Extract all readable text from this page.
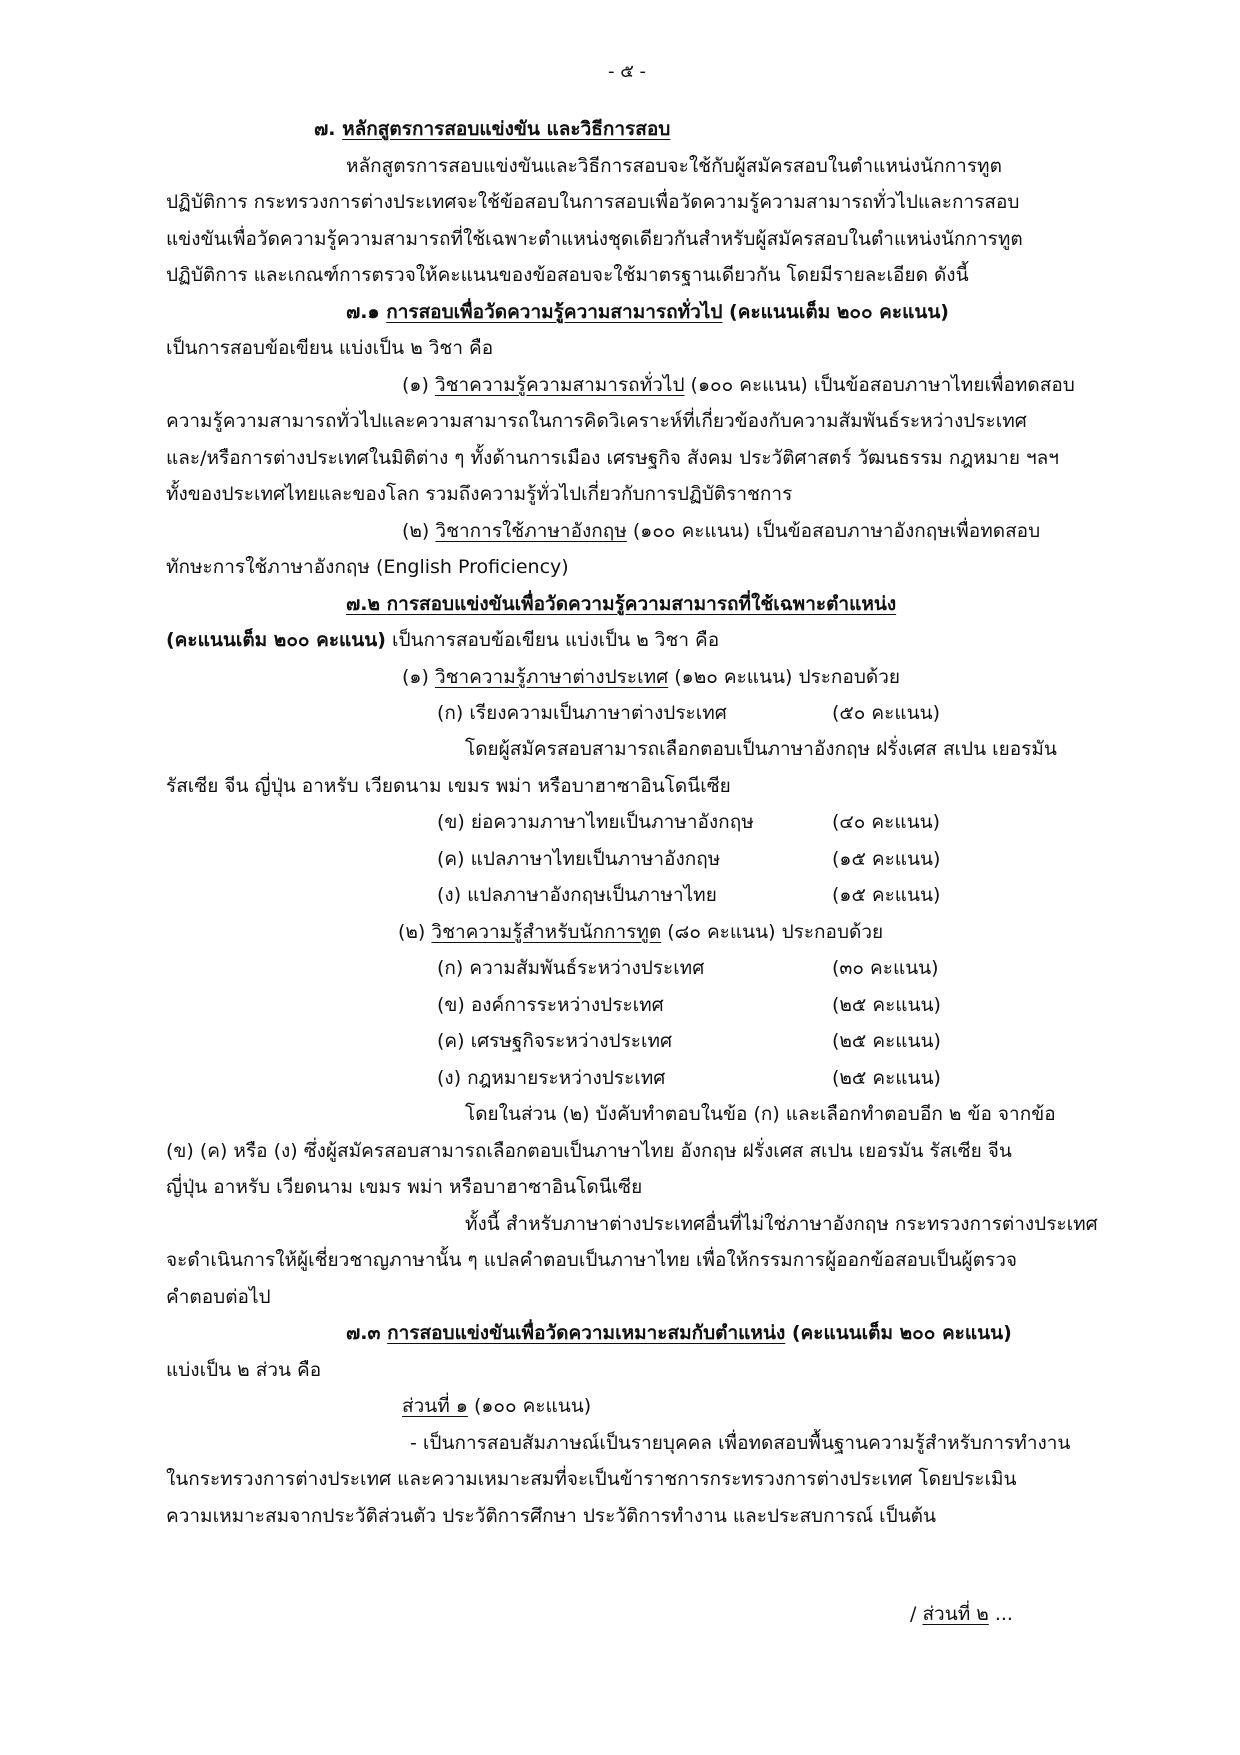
- ๕ -
๗. หลักสูตรการสอบแข่งขัน และวิธีการสอบ
หลักสูตรการสอบแข่งขันและวิธีการสอบจะใช้กับผู้สมัครสอบในตำแหน่งนักการทูต
ปฏิบัติการ กระทรวงการต่างประเทศจะใช้ข้อสอบในการสอบเพื่อวัดความรู้ความสามารถทั่วไปและการสอบ
แข่งขันเพื่อวัดความรู้ความสามารถที่ใช้เฉพาะตำแหน่งชุดเดียวกันสำหรับผู้สมัครสอบในตำแหน่งนักการทูต
ปฏิบัติการ และเกณฑ์การตรวจให้คะแนนของข้อสอบจะใช้มาตรฐานเดียวกัน โดยมีรายละเอียด ดังนี้
๗.๑ การสอบเพื่อวัดความรู้ความสามารถทั่วไป (คะแนนเต็ม ๒๐๐ คะแนน)
เป็นการสอบข้อเขียน แบ่งเป็น ๒ วิชา คือ
(๑) วิชาความรู้ความสามารถทั่วไป (๑๐๐ คะแนน) เป็นข้อสอบภาษาไทยเพื่อทดสอบ
ความรู้ความสามารถทั่วไปและความสามารถในการคิดวิเคราะห์ที่เกี่ยวข้องกับความสัมพันธ์ระหว่างประเทศ
และ/หรือการต่างประเทศในมิติต่าง ๆ ทั้งด้านการเมือง เศรษฐกิจ สังคม ประวัติศาสตร์ วัฒนธรรม กฎหมาย ฯลฯ
ทั้งของประเทศไทยและของโลก รวมถึงความรู้ทั่วไปเกี่ยวกับการปฏิบัติราชการ
(๒) วิชาการใช้ภาษาอังกฤษ (๑๐๐ คะแนน) เป็นข้อสอบภาษาอังกฤษเพื่อทดสอบ
ทักษะการใช้ภาษาอังกฤษ (English Proficiency)
๗.๒ การสอบแข่งขันเพื่อวัดความรู้ความสามารถที่ใช้เฉพาะตำแหน่ง
(คะแนนเต็ม ๒๐๐ คะแนน) เป็นการสอบข้อเขียน แบ่งเป็น ๒ วิชา คือ
(๑) วิชาความรู้ภาษาต่างประเทศ (๑๒๐ คะแนน) ประกอบด้วย
(ก) เรียงความเป็นภาษาต่างประเทศ	(๕๐ คะแนน)
โดยผู้สมัครสอบสามารถเลือกตอบเป็นภาษาอังกฤษ ฝรั่งเศส สเปน เยอรมัน
รัสเซีย จีน ญี่ปุ่น อาหรับ เวียดนาม เขมร พม่า หรือบาฮาซาอินโดนีเซีย
(ข) ย่อความภาษาไทยเป็นภาษาอังกฤษ	(๔๐ คะแนน)
(ค) แปลภาษาไทยเป็นภาษาอังกฤษ	(๑๕ คะแนน)
(ง) แปลภาษาอังกฤษเป็นภาษาไทย	(๑๕ คะแนน)
(๒) วิชาความรู้สำหรับนักการทูต (๘๐ คะแนน) ประกอบด้วย
(ก) ความสัมพันธ์ระหว่างประเทศ	(๓๐ คะแนน)
(ข) องค์การระหว่างประเทศ	(๒๕ คะแนน)
(ค) เศรษฐกิจระหว่างประเทศ	(๒๕ คะแนน)
(ง) กฎหมายระหว่างประเทศ	(๒๕ คะแนน)
โดยในส่วน (๒) บังคับทำตอบในข้อ (ก) และเลือกทำตอบอีก ๒ ข้อ จากข้อ
(ข) (ค) หรือ (ง) ซึ่งผู้สมัครสอบสามารถเลือกตอบเป็นภาษาไทย อังกฤษ ฝรั่งเศส สเปน เยอรมัน รัสเซีย จีน
ญี่ปุ่น อาหรับ เวียดนาม เขมร พม่า หรือบาฮาซาอินโดนีเซีย
ทั้งนี้ สำหรับภาษาต่างประเทศอื่นที่ไม่ใช่ภาษาอังกฤษ กระทรวงการต่างประเทศ
จะดำเนินการให้ผู้เชี่ยวชาญภาษานั้น ๆ แปลคำตอบเป็นภาษาไทย เพื่อให้กรรมการผู้ออกข้อสอบเป็นผู้ตรวจ
คำตอบต่อไป
๗.๓ การสอบแข่งขันเพื่อวัดความเหมาะสมกับตำแหน่ง (คะแนนเต็ม ๒๐๐ คะแนน)
แบ่งเป็น ๒ ส่วน คือ
ส่วนที่ ๑ (๑๐๐ คะแนน)
- เป็นการสอบสัมภาษณ์เป็นรายบุคคล เพื่อทดสอบพื้นฐานความรู้สำหรับการทำงาน
ในกระทรวงการต่างประเทศ และความเหมาะสมที่จะเป็นข้าราชการกระทรวงการต่างประเทศ โดยประเมิน
ความเหมาะสมจากประวัติส่วนตัว ประวัติการศึกษา ประวัติการทำงาน และประสบการณ์ เป็นต้น
/ ส่วนที่ ๒ ...
